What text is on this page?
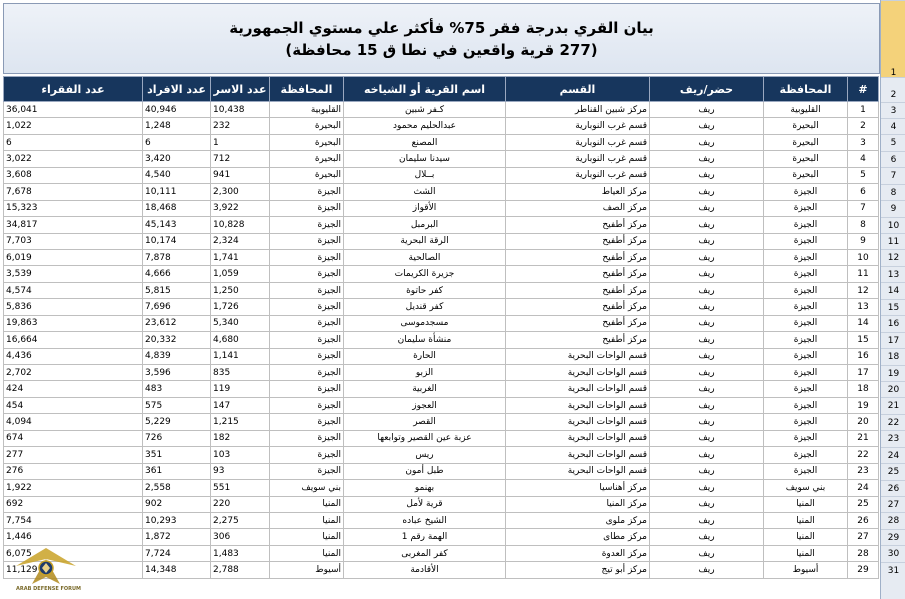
بيان القري بدرجة فقر 75% فأكثر علي مستوي الجمهورية
(277 قرية واقعين في نطا ق 15 محافظة)
#	المحافظة	حضر/ريف	القسم	اسم القرية أو الشياخه	المحافظة	عدد الاسر	عدد الافراد	عدد الفقراء
1	القليوبية	ريف	مركز شبين القناطر	كـفر شبين	القليوبية	10,438	40,946	36,041
2	البحيرة	ريف	قسم غرب النوبارية	عبدالحليم محمود	البحيرة	232	1,248	1,022
3	البحيرة	ريف	قسم غرب النوبارية	المصنع	البحيرة	1	6	6
4	البحيرة	ريف	قسم غرب النوبارية	سيدنا سليمان	البحيرة	712	3,420	3,022
5	البحيرة	ريف	قسم غرب النوبارية	بــلال	البحيرة	941	4,540	3,608
6	الجيزة	ريف	مركز العياط	الشث	الجيزة	2,300	10,111	7,678
7	الجيزة	ريف	مركز الصف	الأقواز	الجيزة	3,922	18,468	15,323
8	الجيزة	ريف	مركز أطفيح	البرمبل	الجيزة	10,828	45,143	34,817
9	الجيزة	ريف	مركز أطفيح	الرقة البحرية	الجيزة	2,324	10,174	7,703
10	الجيزة	ريف	مركز أطفيح	الصالحية	الجيزة	1,741	7,878	6,019
11	الجيزة	ريف	مركز أطفيح	جزيرة الكريمات	الجيزة	1,059	4,666	3,539
12	الجيزة	ريف	مركز أطفيح	كفر حاتوة	الجيزة	1,250	5,815	4,574
13	الجيزة	ريف	مركز أطفيح	كفر قنديل	الجيزة	1,726	7,696	5,836
14	الجيزة	ريف	مركز أطفيح	مسجدموسى	الجيزة	5,340	23,612	19,863
15	الجيزة	ريف	مركز أطفيح	منشأة سليمان	الجيزة	4,680	20,332	16,664
16	الجيزة	ريف	قسم الواحات البحرية	الحارة	الجيزة	1,141	4,839	4,436
17	الجيزة	ريف	قسم الواحات البحرية	الزبو	الجيزة	835	3,596	2,702
18	الجيزة	ريف	قسم الواحات البحرية	الغربية	الجيزة	119	483	424
19	الجيزة	ريف	قسم الواحات البحرية	العجوز	الجيزة	147	575	454
20	الجيزة	ريف	قسم الواحات البحرية	القصر	الجيزة	1,215	5,229	4,094
21	الجيزة	ريف	قسم الواحات البحرية	عزبة عين القصير وتوابعها	الجيزة	182	726	674
22	الجيزة	ريف	قسم الواحات البحرية	ريس	الجيزة	103	351	277
23	الجيزة	ريف	قسم الواحات البحرية	طبل أمون	الجيزة	93	361	276
24	بني سويف	ريف	مركز أهناسيا	بهنمو	بني سويف	551	2,558	1,922
25	المنيا	ريف	مركز المنيا	قرية لأمل	المنيا	220	902	692
26	المنيا	ريف	مركز ملوى	الشيخ عباده	المنيا	2,275	10,293	7,754
27	المنيا	ريف	مركز مطاى	الهمة رقم 1	المنيا	306	1,872	1,446
28	المنيا	ريف	مركز العدوة	كفر المغربى	المنيا	1,483	7,724	6,075
29	أسيوط	ريف	مركز أبو تيج	الأقادمة	أسيوط	2,788	14,348	11,129
1
2
3
4
5
6
7
8
9
10
11
12
13
14
15
16
17
18
19
20
21
22
23
24
25
26
27
28
29
30
31
ARAB DEFENSE FORUM
